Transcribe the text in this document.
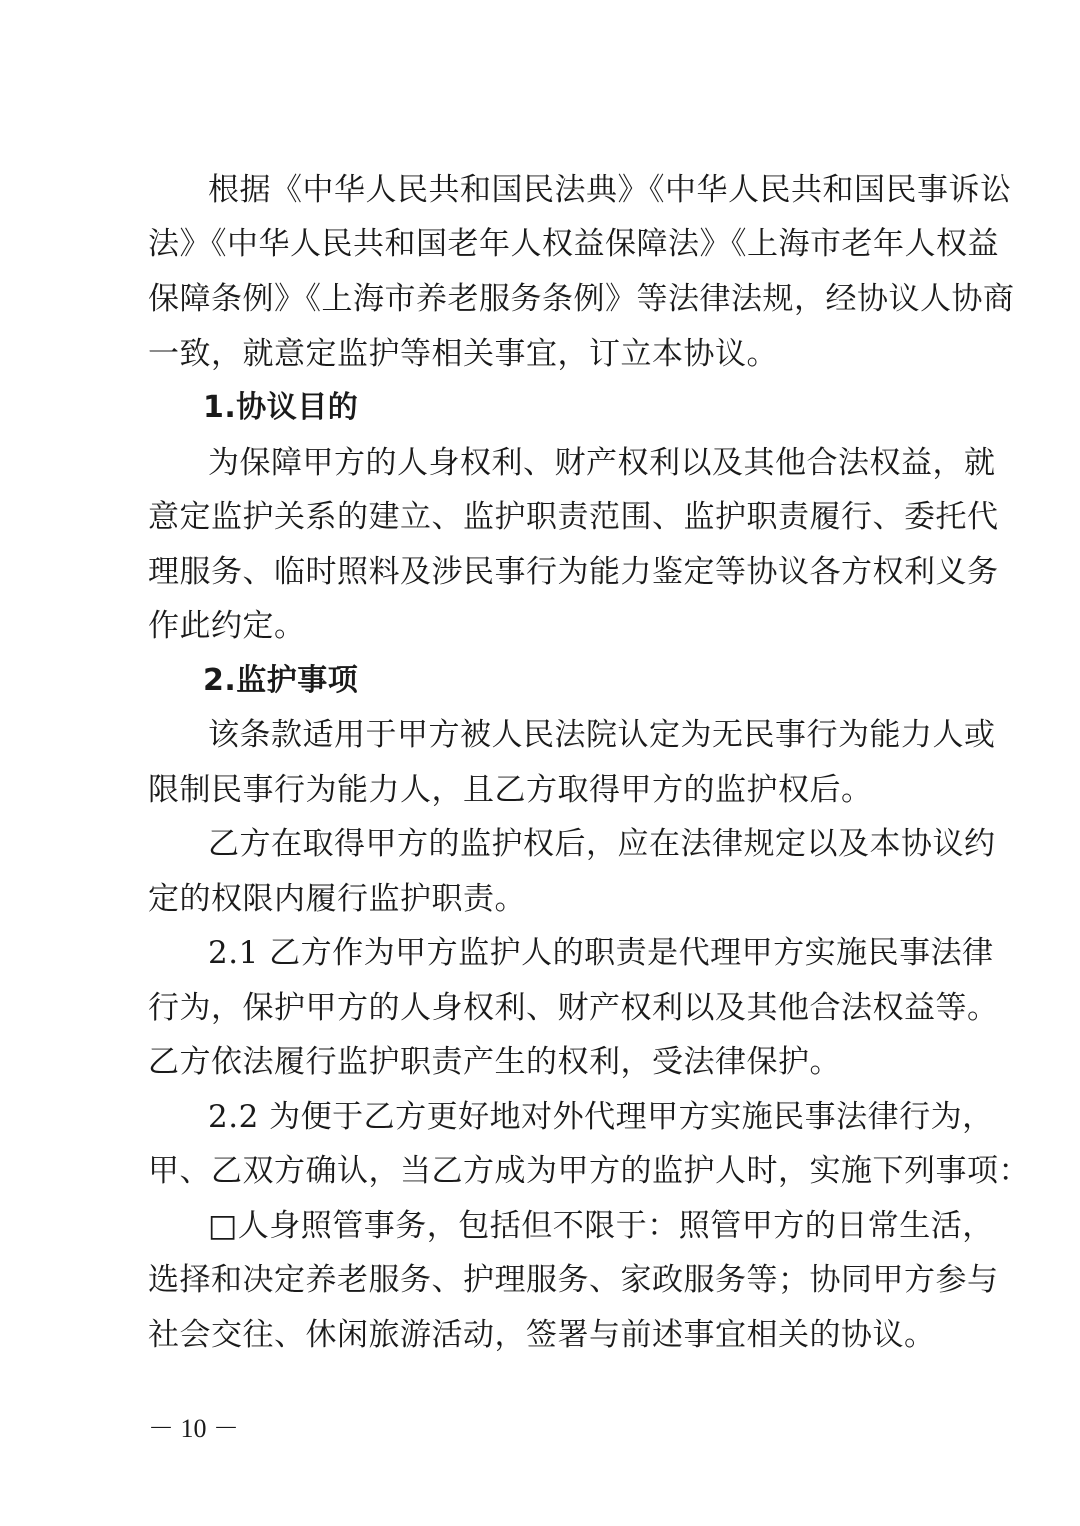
根据《中华人民共和国民法典》《中华人民共和国民事诉讼
法》《中华人民共和国老年人权益保障法》《上海市老年人权益
保障条例》《上海市养老服务条例》等法律法规，经协议人协商
一致，就意定监护等相关事宜，订立本协议。
1.协议目的
为保障甲方的人身权利、财产权利以及其他合法权益，就
意定监护关系的建立、监护职责范围、监护职责履行、委托代
理服务、临时照料及涉民事行为能力鉴定等协议各方权利义务
作此约定。
2.监护事项
该条款适用于甲方被人民法院认定为无民事行为能力人或
限制民事行为能力人，且乙方取得甲方的监护权后。
乙方在取得甲方的监护权后，应在法律规定以及本协议约
定的权限内履行监护职责。
2.1 乙方作为甲方监护人的职责是代理甲方实施民事法律
行为，保护甲方的人身权利、财产权利以及其他合法权益等。
乙方依法履行监护职责产生的权利，受法律保护。
2.2 为便于乙方更好地对外代理甲方实施民事法律行为，
甲、乙双方确认，当乙方成为甲方的监护人时，实施下列事项：
□人身照管事务，包括但不限于：照管甲方的日常生活，
选择和决定养老服务、护理服务、家政服务等；协同甲方参与
社会交往、休闲旅游活动，签署与前述事宜相关的协议。
－ 10 －
